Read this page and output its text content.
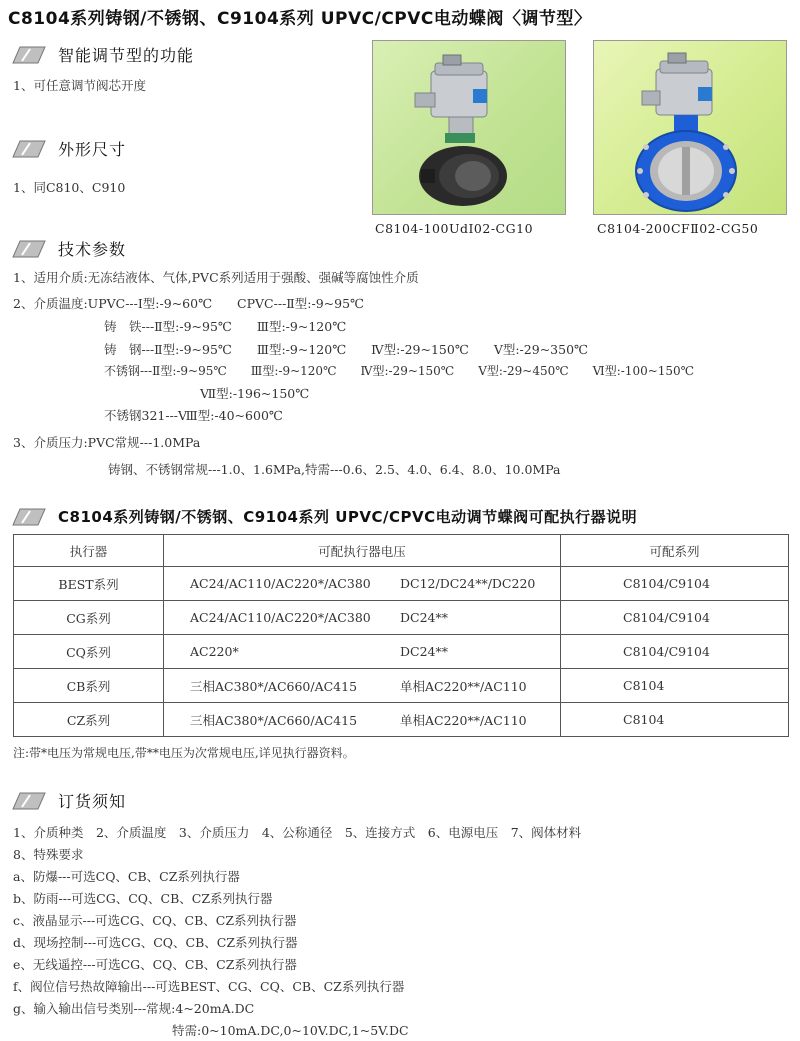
C8104系列铸钢/不锈钢、C9104系列 UPVC/CPVC电动蝶阀〈调节型〉
智能调节型的功能
1、可任意调节阀芯开度
外形尺寸
1、同C810、C910
C8104-100UdⅠ02-CG10	C8104-200CFⅡ02-CG50
技术参数
1、适用介质:无冻结液体、气体,PVC系列适用于强酸、强碱等腐蚀性介质
2、介质温度:UPVC---Ⅰ型:-9~60℃　　CPVC---Ⅱ型:-9~95℃
铸　铁---Ⅱ型:-9~95℃　　Ⅲ型:-9~120℃
铸　钢---Ⅱ型:-9~95℃　　Ⅲ型:-9~120℃　　Ⅳ型:-29~150℃　　Ⅴ型:-29~350℃
不锈钢---Ⅱ型:-9~95℃　　Ⅲ型:-9~120℃　　Ⅳ型:-29~150℃　　Ⅴ型:-29~450℃　　Ⅵ型:-100~150℃
Ⅶ型:-196~150℃
不锈钢321---Ⅷ型:-40~600℃
3、介质压力:PVC常规---1.0MPa
铸钢、不锈钢常规---1.0、1.6MPa,特需---0.6、2.5、4.0、6.4、8.0、10.0MPa
C8104系列铸钢/不锈钢、C9104系列 UPVC/CPVC电动调节蝶阀可配执行器说明
执行器	可配执行器电压	可配系列
BEST系列	AC24/AC110/AC220*/AC380 DC12/DC24**/DC220	C8104/C9104
CG系列	AC24/AC110/AC220*/AC380 DC24**	C8104/C9104
CQ系列	AC220* DC24**	C8104/C9104
CB系列	三相AC380*/AC660/AC415 单相AC220**/AC110	C8104
CZ系列	三相AC380*/AC660/AC415 单相AC220**/AC110	C8104
注:带*电压为常规电压,带**电压为次常规电压,详见执行器资料。
订货须知
1、介质种类　2、介质温度　3、介质压力　4、公称通径　5、连接方式　6、电源电压　7、阀体材料
8、特殊要求
a、防爆---可选CQ、CB、CZ系列执行器
b、防雨---可选CG、CQ、CB、CZ系列执行器
c、液晶显示---可选CG、CQ、CB、CZ系列执行器
d、现场控制---可选CG、CQ、CB、CZ系列执行器
e、无线遥控---可选CG、CQ、CB、CZ系列执行器
f、阀位信号热故障输出---可选BEST、CG、CQ、CB、CZ系列执行器
g、输入输出信号类别---常规:4~20mA.DC
特需:0~10mA.DC,0~10V.DC,1~5V.DC
